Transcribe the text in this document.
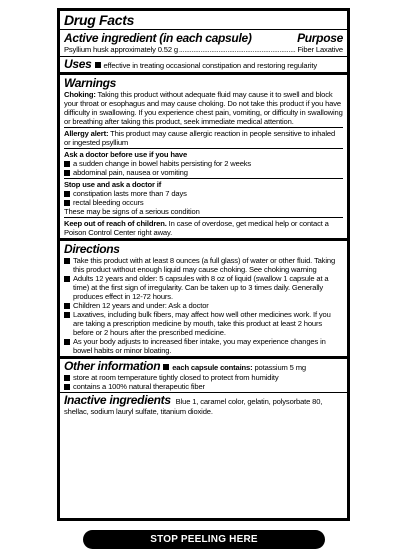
Drug Facts
Active ingredient (in each capsule)	Purpose
Psyllium husk approximately 0.52 g
.....	Fiber Laxative
Uses effective in treating occasional constipation and restoring regularity
Warnings
Choking: Taking this product without adequate fluid may cause it to swell and block your throat or esophagus and may cause choking. Do not take this product if you have difficulty in swallowing. If you experience chest pain, vomiting, or difficulty in swallowing or breathing after taking this product, seek immediate medical attention.
Allergy alert: This product may cause allergic reaction in people sensitive to inhaled or ingested psyllium
Ask a doctor before use if you have
a sudden change in bowel habits persisting for 2 weeks
abdominal pain, nausea or vomiting
Stop use and ask a doctor if
constipation lasts more than 7 days
rectal bleeding occurs
These may be signs of a serious condition
Keep out of reach of children. In case of overdose, get medical help or contact a Poison Control Center right away.
Directions
Take this product with at least 8 ounces (a full glass) of water or other fluid. Taking this product without enough liquid may cause choking. See choking warning
Adults 12 years and older: 5 capsules with 8 oz of liquid (swallow 1 capsule at a time) at the first sign of irregularity. Can be taken up to 3 times daily. Generally produces effect in 12-72 hours.
Children 12 years and under: Ask a doctor
Laxatives, including bulk fibers, may affect how well other medicines work. If you are taking a prescription medicine by mouth, take this product at least 2 hours before or 2 hours after the prescribed medicine.
As your body adjusts to increased fiber intake, you may experience changes in bowel habits or minor bloating.
Other information each capsule contains: potassium 5 mg
store at room temperature tightly closed to protect from humidity
contains a 100% natural therapeutic fiber
Inactive ingredients Blue 1, caramel color, gelatin, polysorbate 80, shellac, sodium lauryl sulfate, titanium dioxide.
STOP PEELING HERE
